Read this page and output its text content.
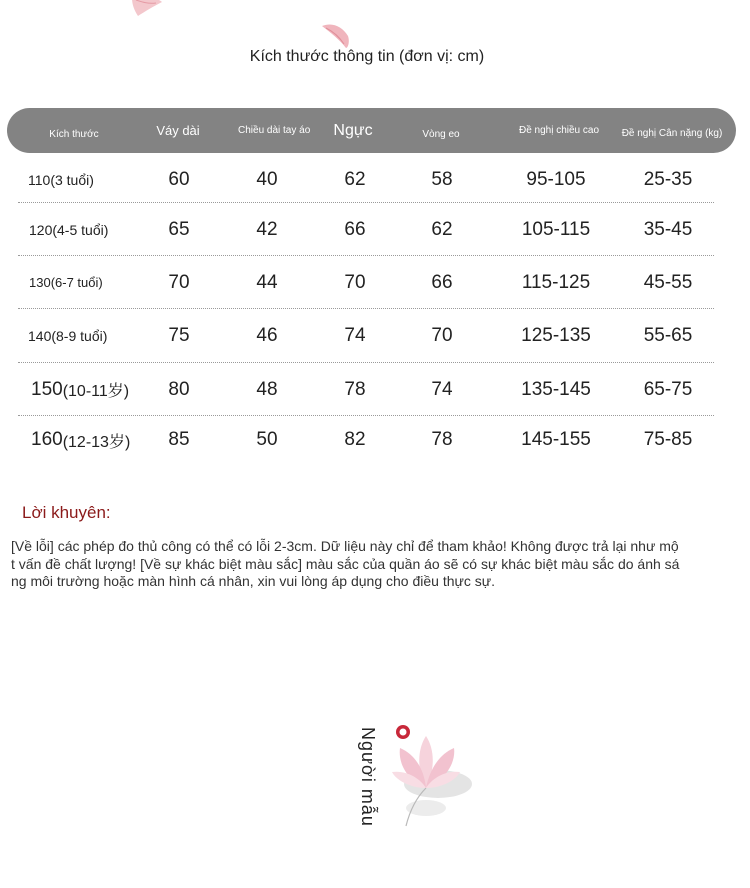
Kích thước thông tin (đơn vị: cm)
Kích thước	Váy dài	Chiều dài tay áo	Ngực	Vòng eo	Đề nghị chiều cao	Đề nghị Cân nặng (kg)
110 (3 tuổi)	60	40	62	58	95-105	25-35
120 (4-5 tuổi)	65	42	66	62	105-115	35-45
130 (6-7 tuổi)	70	44	70	66	115-125	45-55
140 (8-9 tuổi)	75	46	74	70	125-135	55-65
150 (10-11岁)	80	48	78	74	135-145	65-75
160 (12-13岁)	85	50	82	78	145-155	75-85
Lời khuyên:
[Về lỗi] các phép đo thủ công có thể có lỗi 2-3cm. Dữ liệu này chỉ để tham khảo! Không được trả lại như một vấn đề chất lượng! [Về sự khác biệt màu sắc] màu sắc của quần áo sẽ có sự khác biệt màu sắc do ánh sáng môi trường hoặc màn hình cá nhân, xin vui lòng áp dụng cho điều thực sự.
Người mẫu
